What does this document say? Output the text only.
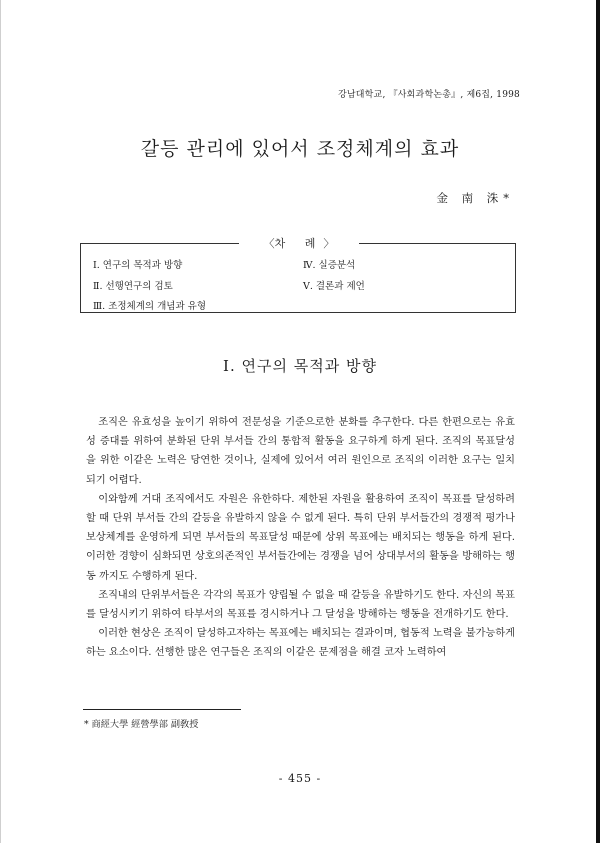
강남대학교, 『사회과학논총』, 제6집, 1998
갈등 관리에 있어서 조정체계의 효과
金 南 洙*
〈차 례〉
Ⅰ. 연구의 목적과 방향
Ⅱ. 선행연구의 검토
Ⅲ. 조정체계의 개념과 유형
Ⅳ. 실증분석
Ⅴ. 결론과 제언
Ⅰ. 연구의 목적과 방향

조직은 유효성을 높이기 위하여 전문성을 기준으로한 분화를 추구한다. 다른 한편으로는 유효성 증대를 위하여 분화된 단위 부서들 간의 통합적 활동을 요구하게 하게 된다. 조직의 목표달성을 위한 이같은 노력은 당연한 것이나, 실제에 있어서 여러 원인으로 조직의 이러한 요구는 일치되기 어렵다.

이와함께 거대 조직에서도 자원은 유한하다. 제한된 자원을 활용하여 조직이 목표를 달성하려 할 때 단위 부서들 간의 갈등을 유발하지 않을 수 없게 된다. 특히 단위 부서들간의 경쟁적 평가나 보상체계를 운영하게 되면 부서들의 목표달성 때문에 상위 목표에는 배치되는 행동을 하게 된다. 이러한 경향이 심화되면 상호의존적인 부서들간에는 경쟁을 넘어 상대부서의 활동을 방해하는 행동 까지도 수행하게 된다.

조직내의 단위부서들은 각각의 목표가 양립될 수 없을 때 갈등을 유발하기도 한다. 자신의 목표를 달성시키기 위하여 타부서의 목표를 경시하거나 그 달성을 방해하는 행동을 전개하기도 한다.

이러한 현상은 조직이 달성하고자하는 목표에는 배치되는 결과이며, 협동적 노력을 불가능하게 하는 요소이다. 선행한 많은 연구들은 조직의 이같은 문제점을 해결 코자 노력하여

* 商經大學 經營學部 副敎授
- 455 -
